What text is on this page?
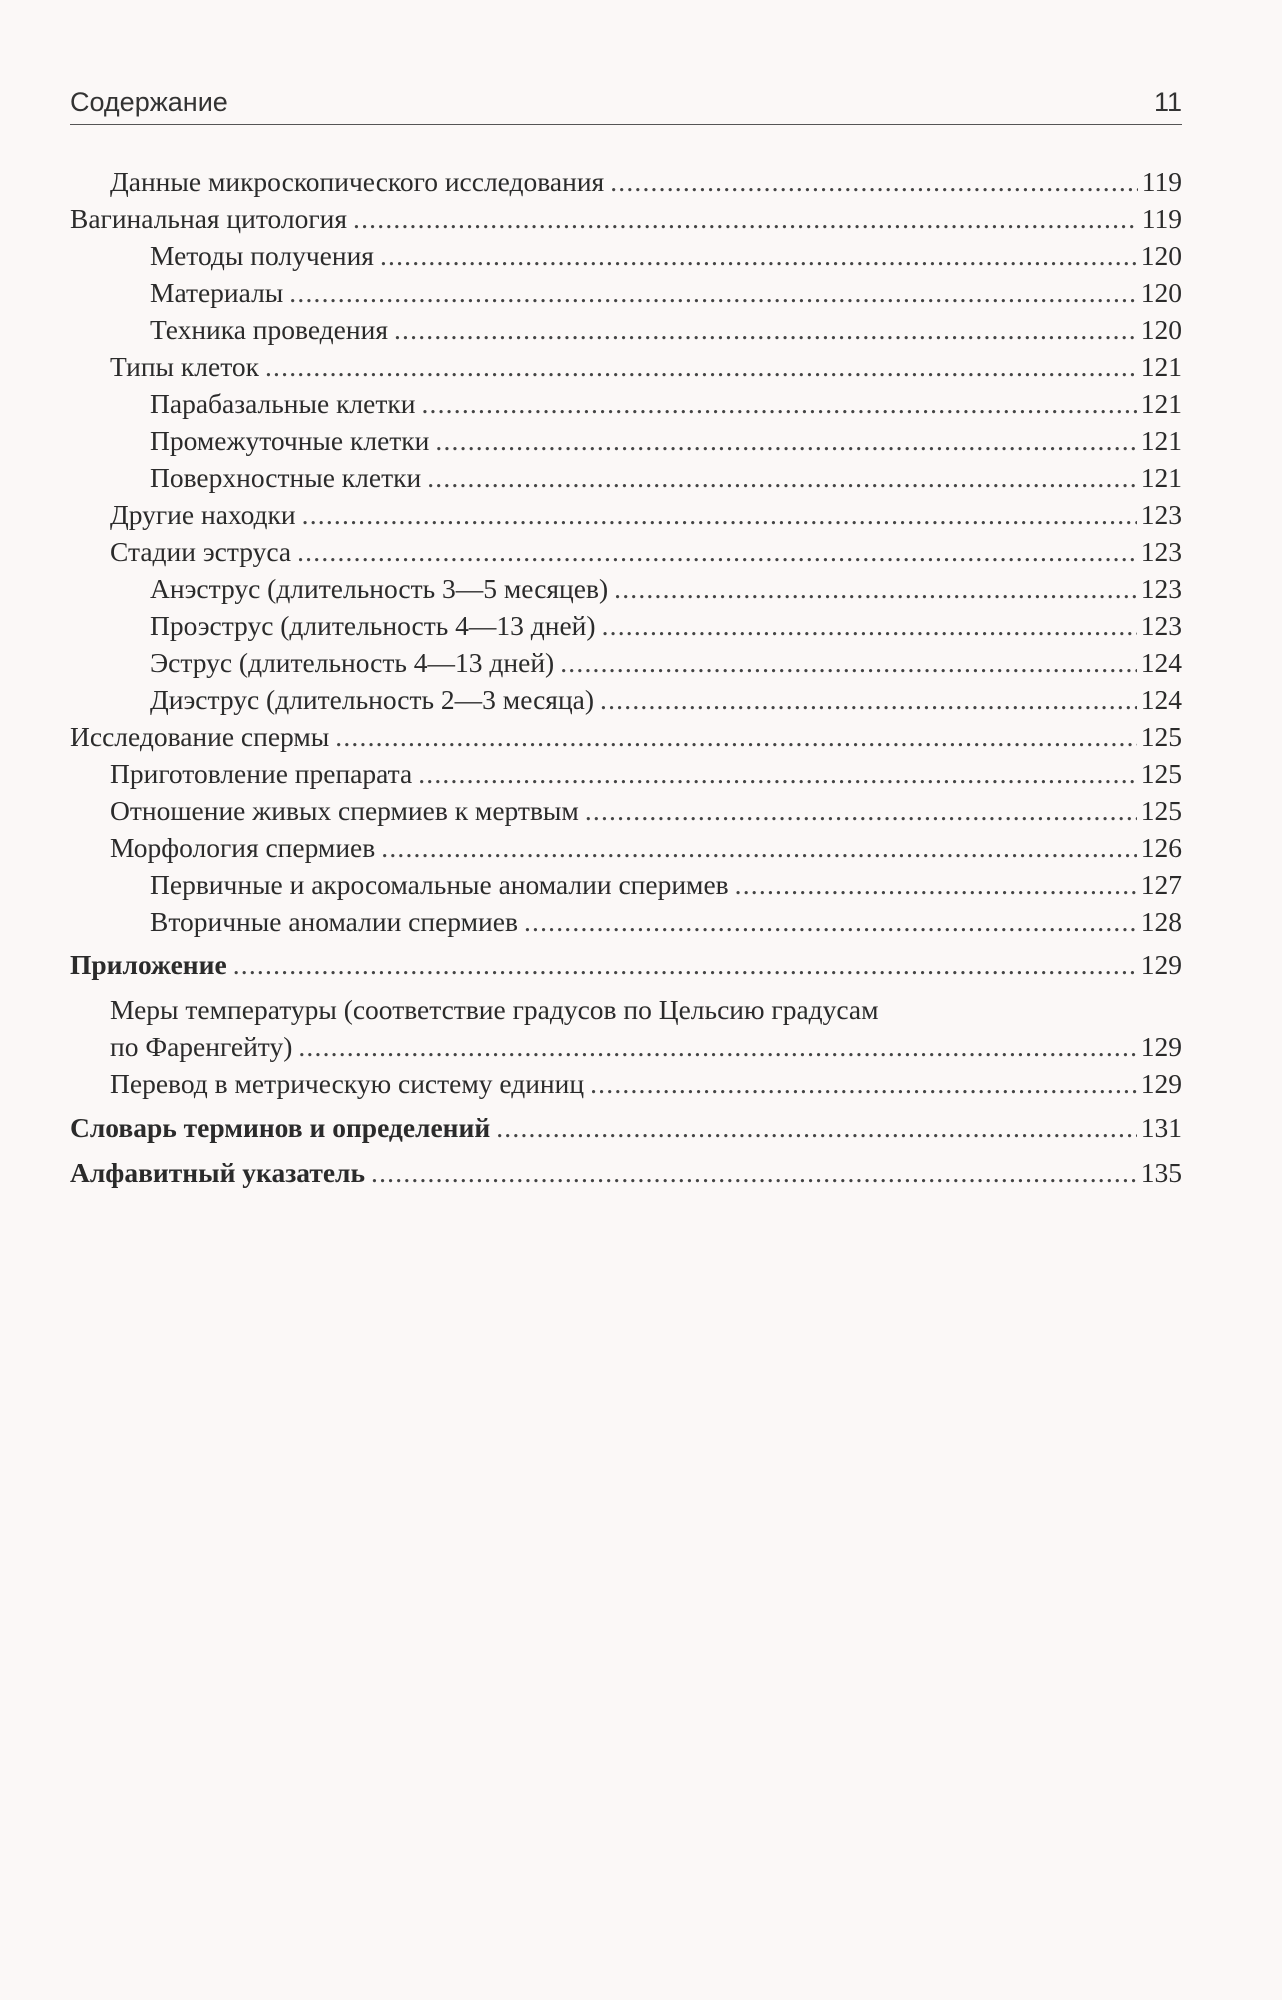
Содержание	11
Данные микроскопического исследования .....	119
Вагинальная цитология .....	119
Методы получения .....	120
Материалы .....	120
Техника проведения .....	120
Типы клеток .....	121
Парабазальные клетки .....	121
Промежуточные клетки .....	121
Поверхностные клетки .....	121
Другие находки .....	123
Стадии эструса .....	123
Анэструс (длительность 3—5 месяцев) .....	123
Проэструс (длительность 4—13 дней) .....	123
Эструс (длительность 4—13 дней) .....	124
Диэструс (длительность 2—3 месяца) .....	124
Исследование спермы .....	125
Приготовление препарата .....	125
Отношение живых спермиев к мертвым .....	125
Морфология спермиев .....	126
Первичные и акросомальные аномалии сперимев .....	127
Вторичные аномалии спермиев .....	128
Приложение .....	129
Меры температуры (соответствие градусов по Цельсию градусам
по Фаренгейту) .....	129
Перевод в метрическую систему единиц .....	129
Словарь терминов и определений .....	131
Алфавитный указатель .....	135
